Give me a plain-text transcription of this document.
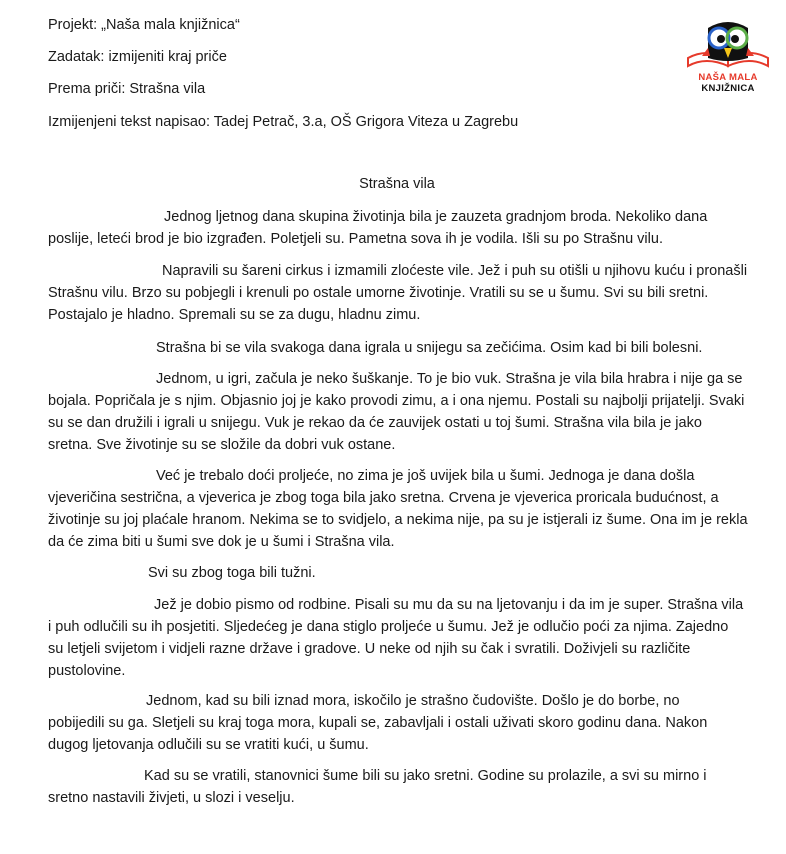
Projekt: „Naša mala knjižnica“
Zadatak: izmijeniti kraj priče
Prema priči: Strašna vila
Izmijenjeni tekst napisao: Tadej Petrač, 3.a, OŠ Grigora Viteza u Zagrebu
NAŠA MALA
KNJIŽNICA
Strašna vila
Jednog ljetnog dana skupina životinja bila je zauzeta gradnjom broda. Nekoliko dana
poslije, leteći brod je bio izgrađen. Poletjeli su. Pametna sova ih je vodila. Išli su po Strašnu vilu.
Napravili su šareni cirkus i izmamili zloćeste vile. Jež i puh su otišli u njihovu kuću i pronašli
Strašnu vilu. Brzo su pobjegli i krenuli po ostale umorne životinje. Vratili su se u šumu. Svi su bili sretni.
Postajalo je hladno. Spremali su se za dugu, hladnu zimu.
Strašna bi se vila svakoga dana igrala u snijegu sa zečićima. Osim kad bi bili bolesni.
Jednom, u igri, začula je neko šuškanje. To je bio vuk. Strašna je vila bila hrabra i nije ga se
bojala. Popričala je s njim. Objasnio joj je kako provodi zimu, a i ona njemu. Postali su najbolji prijatelji. Svaki
su se dan družili i igrali u snijegu. Vuk je rekao da će zauvijek ostati u toj šumi. Strašna vila bila je jako
sretna. Sve životinje su se složile da dobri vuk ostane.
Već je trebalo doći proljeće, no zima je još uvijek bila u šumi. Jednoga je dana došla
vjeveričina sestrična, a vjeverica je zbog toga bila jako sretna. Crvena je vjeverica proricala budućnost, a
životinje su joj plaćale hranom. Nekima se to svidjelo, a nekima nije, pa su je istjerali iz šume. Ona im je rekla
da će zima biti u šumi sve dok je u šumi i Strašna vila.
Svi su zbog toga bili tužni.
Jež je dobio pismo od rodbine. Pisali su mu da su na ljetovanju i da im je super. Strašna vila
i puh odlučili su ih posjetiti. Sljedećeg je dana stiglo proljeće u šumu. Jež je odlučio poći za njima. Zajedno
su letjeli svijetom i vidjeli razne države i gradove. U neke od njih su čak i svratili. Doživjeli su različite
pustolovine.
Jednom, kad su bili iznad mora, iskočilo je strašno čudovište. Došlo je do borbe, no
pobijedili su ga. Sletjeli su kraj toga mora, kupali se, zabavljali i ostali uživati skoro godinu dana. Nakon
dugog ljetovanja odlučili su se vratiti kući, u šumu.
Kad su se vratili, stanovnici šume bili su jako sretni. Godine su prolazile, a svi su mirno i
sretno nastavili živjeti, u slozi i veselju.
